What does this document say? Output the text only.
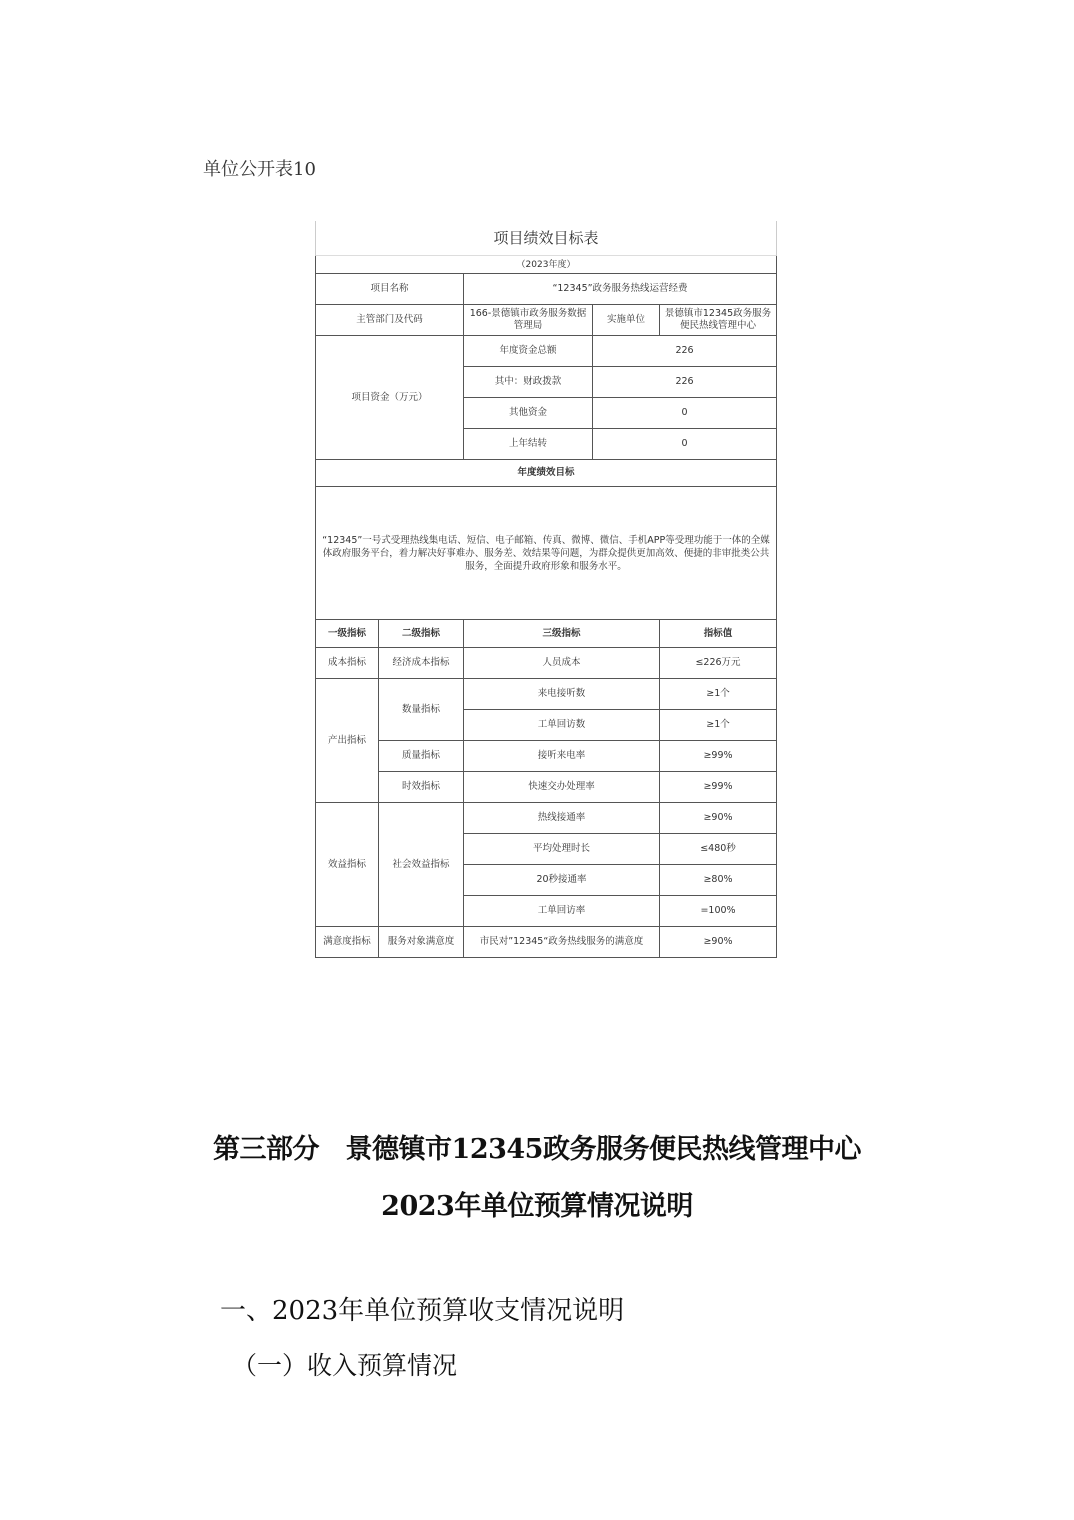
单位公开表10
项目绩效目标表				
（2023年度）				
项目名称		“12345”政务服务热线运营经费		
主管部门及代码		166-景德镇市政务服务数据管理局	实施单位	景德镇市12345政务服务便民热线管理中心
项目资金（万元）		年度资金总额	226	
		其中：财政拨款	226	
		其他资金	0	
		上年结转	0	
年度绩效目标				
“12345”一号式受理热线集电话、短信、电子邮箱、传真、微博、微信、手机APP等受理功能于一体的全媒体政府服务平台，着力解决好事难办、服务差、效结果等问题，为群众提供更加高效、便捷的非审批类公共服务，全面提升政府形象和服务水平。				
一级指标	二级指标	三级指标		指标值
成本指标	经济成本指标	人员成本		≤226万元
产出指标	数量指标	来电接听数		≥1个
		工单回访数		≥1个
	质量指标	接听来电率		≥99%
	时效指标	快速交办处理率		≥99%
效益指标	社会效益指标	热线接通率		≥90%
		平均处理时长		≤480秒
		20秒接通率		≥80%
		工单回访率		=100%
满意度指标	服务对象满意度	市民对”12345“政务热线服务的满意度		≥90%
第三部分　景德镇市12345政务服务便民热线管理中心
2023年单位预算情况说明
一、2023年单位预算收支情况说明
（一）收入预算情况
